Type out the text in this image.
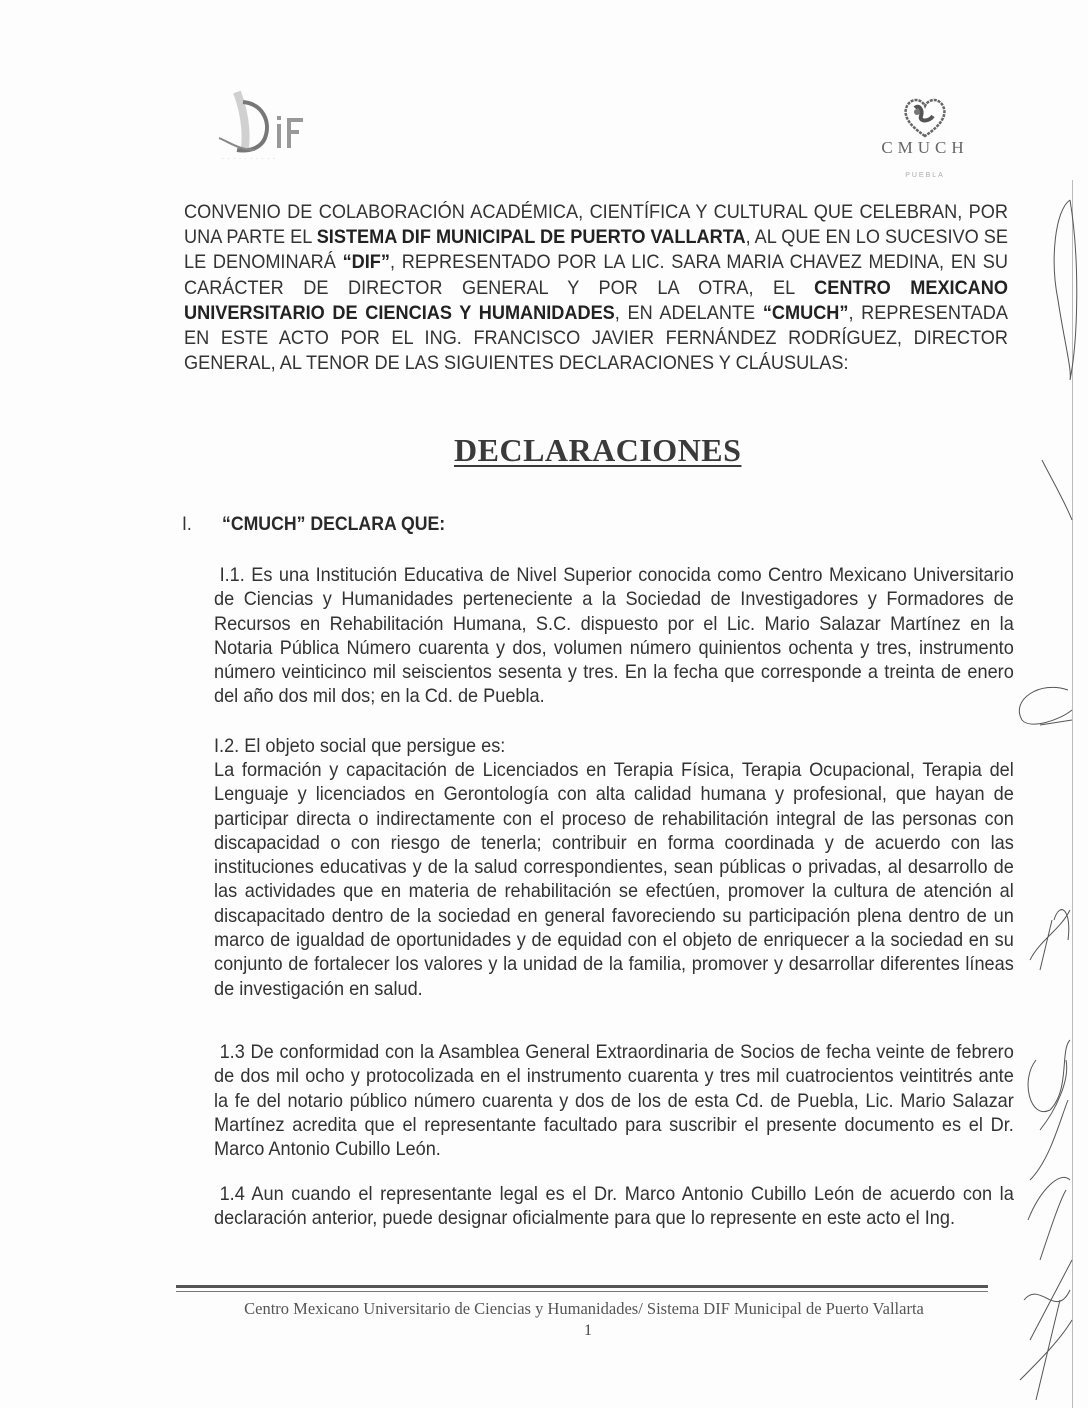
· · · · · · · · · ·
CMUCH
PUEBLA
CONVENIO DE COLABORACIÓN ACADÉMICA, CIENTÍFICA Y CULTURAL QUE CELEBRAN, POR UNA PARTE EL SISTEMA DIF MUNICIPAL DE PUERTO VALLARTA, AL QUE EN LO SUCESIVO SE LE DENOMINARÁ “DIF”, REPRESENTADO POR LA LIC. SARA MARIA CHAVEZ MEDINA, EN SU CARÁCTER DE DIRECTOR GENERAL Y POR LA OTRA, EL CENTRO MEXICANO UNIVERSITARIO DE CIENCIAS Y HUMANIDADES, EN ADELANTE “CMUCH”, REPRESENTADA EN ESTE ACTO POR EL ING. FRANCISCO JAVIER FERNÁNDEZ RODRÍGUEZ, DIRECTOR GENERAL, AL TENOR DE LAS SIGUIENTES DECLARACIONES Y CLÁUSULAS:
DECLARACIONES
I. “CMUCH” DECLARA QUE:
I.1. Es una Institución Educativa de Nivel Superior conocida como Centro Mexicano Universitario de Ciencias y Humanidades perteneciente a la Sociedad de Investigadores y Formadores de Recursos en Rehabilitación Humana, S.C. dispuesto por el Lic. Mario Salazar Martínez en la Notaria Pública Número cuarenta y dos, volumen número quinientos ochenta y tres, instrumento número veinticinco mil seiscientos sesenta y tres. En la fecha que corresponde a treinta de enero del año dos mil dos; en la Cd. de Puebla.
I.2. El objeto social que persigue es:
La formación y capacitación de Licenciados en Terapia Física, Terapia Ocupacional, Terapia del Lenguaje y licenciados en Gerontología con alta calidad humana y profesional, que hayan de participar directa o indirectamente con el proceso de rehabilitación integral de las personas con discapacidad o con riesgo de tenerla; contribuir en forma coordinada y de acuerdo con las instituciones educativas y de la salud correspondientes, sean públicas o privadas, al desarrollo de las actividades que en materia de rehabilitación se efectúen, promover la cultura de atención al discapacitado dentro de la sociedad en general favoreciendo su participación plena dentro de un marco de igualdad de oportunidades y de equidad con el objeto de enriquecer a la sociedad en su conjunto de fortalecer los valores y la unidad de la familia, promover y desarrollar diferentes líneas de investigación en salud.
1.3 De conformidad con la Asamblea General Extraordinaria de Socios de fecha veinte de febrero de dos mil ocho y protocolizada en el instrumento cuarenta y tres mil cuatrocientos veintitrés ante la fe del notario público número cuarenta y dos de los de esta Cd. de Puebla, Lic. Mario Salazar Martínez acredita que el representante facultado para suscribir el presente documento es el Dr. Marco Antonio Cubillo León.
1.4 Aun cuando el representante legal es el Dr. Marco Antonio Cubillo León de acuerdo con la declaración anterior, puede designar oficialmente para que lo represente en este acto el Ing.
Centro Mexicano Universitario de Ciencias y Humanidades/ Sistema DIF Municipal de Puerto Vallarta
1
